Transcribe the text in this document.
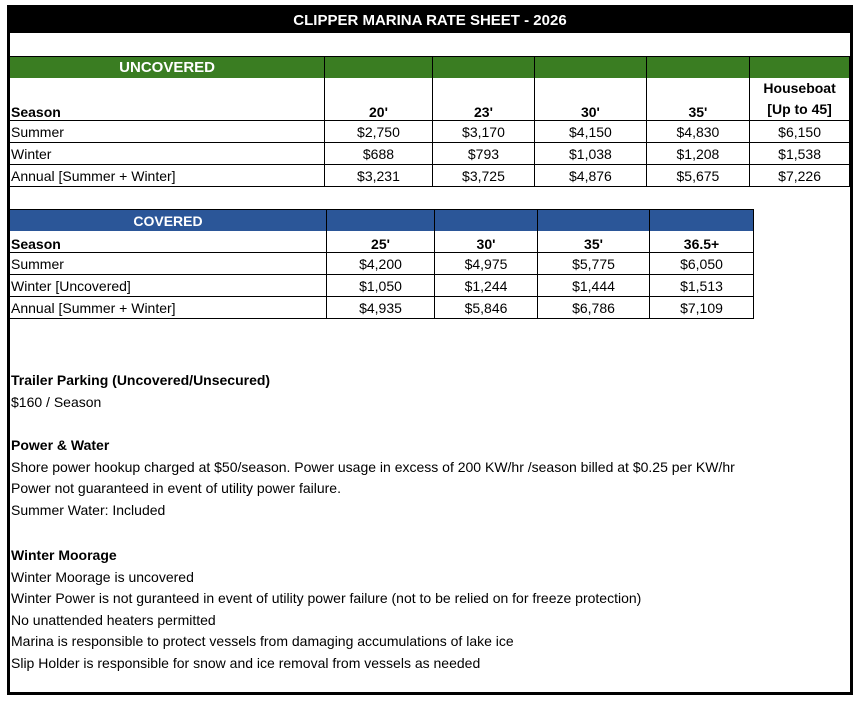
CLIPPER MARINA RATE SHEET - 2026
UNCOVERED					
Season	20'	23'	30'	35'	Houseboat
[Up to 45]

Summer	$2,750	$3,170	$4,150	$4,830	$6,150
Winter	$688	$793	$1,038	$1,208	$1,538
Annual [Summer + Winter]	$3,231	$3,725	$4,876	$5,675	$7,226
COVERED				
Season	25'	30'	35'	36.5+
Summer	$4,200	$4,975	$5,775	$6,050
Winter [Uncovered]	$1,050	$1,244	$1,444	$1,513
Annual [Summer + Winter]	$4,935	$5,846	$6,786	$7,109
Trailer Parking (Uncovered/Unsecured)
$160 / Season
Power & Water
Shore power hookup charged at $50/season. Power usage in excess of 200 KW/hr /season billed at $0.25 per KW/hr
Power not guaranteed in event of utility power failure.
Summer Water: Included
Winter Moorage
Winter Moorage is uncovered
Winter Power is not guranteed in event of utility power failure (not to be relied on for freeze protection)
No unattended heaters permitted
Marina is responsible to protect vessels from damaging accumulations of lake ice
Slip Holder is responsible for snow and ice removal from vessels as needed
